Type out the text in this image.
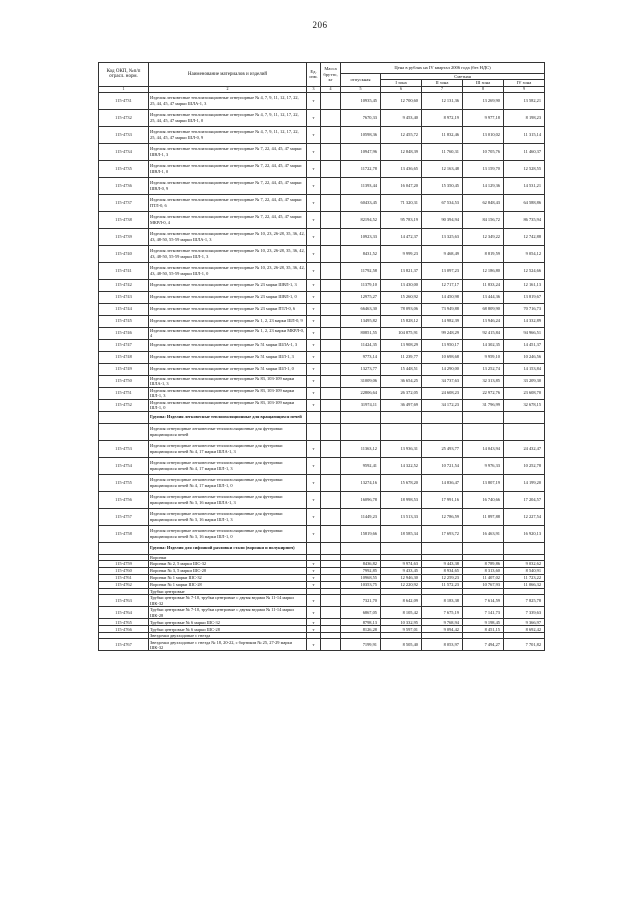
206
Код ОКП, №п/п отрасл. норм.	Наименование материалов и изделий	Ед. изм.	Масса брутто, кг	Цена в рублях на IV квартал 2006 года (без НДС)				
				отпускная	Сметная			
					I зона	II зона	III зона	IV зона
1	2	3	4	5	6	7	8	9
115-4731	Изделия легковесные теплоизоляционные огнеупорные № 4, 7, 9, 11, 12, 17, 22, 25, 44, 45, 47 марки ШЛА-1, 3	т		10935,45	12 700,60	12 131,36	13 269,90	13 582,21
115-4732	Изделия легковесные теплоизоляционные огнеупорные № 4, 7, 9, 11, 12, 17, 22, 25, 44, 45, 47 марки ШЛ-1, 0	т		7670,33	9 453,40	8 972,19	9 977,18	8 198,23
115-4733	Изделия легковесные теплоизоляционные огнеупорные № 4, 7, 9, 11, 12, 17, 22, 25, 44, 45, 47 марки ШЛ-0, 9	т		10598,36	12 455,72	11 832,46	13 010,02	11 315,14
115-4734	Изделия легковесные теплоизоляционные огнеупорные № 7, 22, 44, 45, 47 марки ШВЛ-1, 3	т		10947,96	12 848,39	11 760,31	10 705,76	11 460,37
115-4735	Изделия легковесные теплоизоляционные огнеупорные № 7, 22, 44, 45, 47 марки ШВЛ-1, 0	т		11722,78	13 436,65	12 163,48	13 159,70	12 528,55
115-4736	Изделия легковесные теплоизоляционные огнеупорные № 7, 22, 44, 45, 47 марки ШВЛ-0, 9	т		11393,44	16 047,20	15 350,45	14 129,36	14 531,21
115-4737	Изделия легковесные теплоизоляционные огнеупорные № 7, 22, 44, 45, 47 марки ПТЛ-0, 6	т		60433,45	71 320,31	67 534,53	62 848,43	64 588,86
115-4738	Изделия легковесные теплоизоляционные огнеупорные № 7, 22, 44, 45, 47 марки МКРЛ-0, 4	т		82194,52	95 783,19	90 394,94	84 156,72	86 735,94
115-4739	Изделия легковесные теплоизоляционные огнеупорные № 10, 23, 26-28, 35, 36, 42, 43, 48-50, 55-59 марки ШЛА-1, 3	т		10923,33	14 472,37	13 325,63	12 349,22	12 742,88
115-4740	Изделия легковесные теплоизоляционные огнеупорные № 10, 23, 26-28, 35, 36, 42, 43, 48-50, 55-59 марки ШЛ-1, 3	т		8431,52	9 999,23	9 468,49	8 819,59	9 054,12
115-4741	Изделия легковесные теплоизоляционные огнеупорные № 10, 23, 26-28, 35, 36, 42, 43, 48-50, 55-59 марки ШЛ-1, 0	т		11792,58	13 821,37	13 097,23	12 186,80	12 524,66
115-4742	Изделия легковесные теплоизоляционные огнеупорные № 23 марки ШВЛ-1, 3	т		11379,10	13 430,00	12 717,17	11 833,24	12 161,13
115-4743	Изделия легковесные теплоизоляционные огнеупорные № 23 марки ШВЛ-1, 0	т		12975,27	15 260,92	14 450,98	13 444,36	13 819,67
115-4744	Изделия легковесные теплоизоляционные огнеупорные № 23 марки ПТЛ-0, 6	т		66463,30	78 093,06	73 949,88	68 809,90	70 716,73
115-4745	Изделия легковесные теплоизоляционные огнеупорные № 1, 2, 23 марки ШЛ-0, 9	т		13495,82	15 828,12	14 982,39	13 946,24	14 332,89
115-4746	Изделия легковесные теплоизоляционные огнеупорные № 1, 2, 23 марки МКРЛ-0, 4	т		80851,55	104 875,91	99 248,29	92 415,84	94 966,51
115-4747	Изделия легковесные теплоизоляционные огнеупорные № 51 марки ШЛА-1, 3	т		11424,35	13 908,29	13 950,17	14 302,35	14 451,37
115-4748	Изделия легковесные теплоизоляционные огнеупорные № 51 марки ШЛ-1, 3	т		9773,14	11 239,77	10 698,68	9 959,10	10 246,56
115-4749	Изделия легковесные теплоизоляционные огнеупорные № 51 марки ШЛ-1, 0	т		13273,77	15 448,51	14 290,00	13 252,74	14 153,84
115-4750	Изделия легковесные теплоизоляционные огнеупорные № 83, 103-109 марки ШЛА-1, 3	т		31009,06	36 654,25	34 737,63	32 313,85	33 209,30
115-4751	Изделия легковесные теплоизоляционные огнеупорные № 83, 103-109 марки ШЛ-1, 3	т		22806,64	26 372,05	24 608,23	22 972,76	23 608,70
115-4752	Изделия легковесные теплоизоляционные огнеупорные № 83, 103-109 марки ШЛ-1, 0	т		31974,11	36 497,69	34 172,23	31 796,99	32 678,15
	Группа: Изделия легковесные теплоизоляционные для вращающихся печей							
	Изделия огнеупорные легковесные теплоизоляционные для футеровки вращающихся печей							
115-4753	Изделия огнеупорные легковесные теплоизоляционные для футеровки вращающихся печей № 4, 17 марки ШЛА-1, 3	т		11363,12	13 936,31	25 493,77	14 043,94	24 432,47
115-4754	Изделия огнеупорные легковесные теплоизоляционные для футеровки вращающихся печей № 4, 17 марки ШЛ-1, 3	т		9592,41	14 322,52	10 721,54	9 976,33	10 252,78
115-4755	Изделия огнеупорные легковесные теплоизоляционные для футеровки вращающихся печей № 4, 17 марки ШЛ-1, 0	т		13274,16	15 678,20	14 836,47	13 807,19	14 199,20
115-4756	Изделия огнеупорные легковесные теплоизоляционные для футеровки вращающихся печей № 3, 16 марки ШЛА-1, 3	т		16096,78	18 998,53	17 991,16	16 740,66	17 204,57
115-4757	Изделия огнеупорные легковесные теплоизоляционные для футеровки вращающихся печей № 3, 16 марки ШЛ-1, 3	т		11449,23	13 513,33	12 786,59	11 897,88	12 227,54
115-4758	Изделия огнеупорные легковесные теплоизоляционные для футеровки вращающихся печей № 3, 16 марки ШЛ-1, 0	т		15819,66	18 585,34	17 693,72	16 463,91	16 920,13
	Группа: Изделия для сифонной разливки стали (воронки и полукирпич)							
	Воронки							
115-4759	Воронки № 2, 5 марки ШС-32	т		8436,82	9 974,63	9 443,38	8 789,86	9 032,62
115-4760	Воронки № 3, 5 марки ШС-28	т		7992,85	9 433,45	8 934,65	8 313,60	8 540,91
115-4761	Воронки № 1 марки ШС-32	т		10968,55	12 946,30	12 259,23	11 407,02	11 723,22
115-4762	Воронки № 1 марки ШС-28	т		10353,75	12 220,92	11 572,23	10 767,93	11 066,32
	Трубки центровые							
115-4763	Трубки центровые № 7-10, трубки центровые с двумя ведами № 11-14 марки ШК-32	т		7321,70	8 642,09	8 183,38	7 614,59	7 825,78
115-4764	Трубки центровые № 7-10, трубки центровые с двумя ведами № 11-14 марки ШК-28	т		6867,05	8 105,42	7 675,19	7 141,73	7 339,63
115-4765	Трубки центровые № 6 марки ШС-32	т		8798,13	10 332,95	9 768,94	9 198,45	9 366,97
115-4766	Трубки центровые № 6 марки ШС-28	т		8126,28	9 597,01	9 094,42	8 451,15	8 692,42
	Звездочки двухходовые с гнезда							
115-4767	Звездочки двухходовые с гнезда № 18, 20-22, с бортиком № 25, 27-29 марки ШК-32	т		7199,91	8 505,40	8 053,97	7 494,27	7 701,82
